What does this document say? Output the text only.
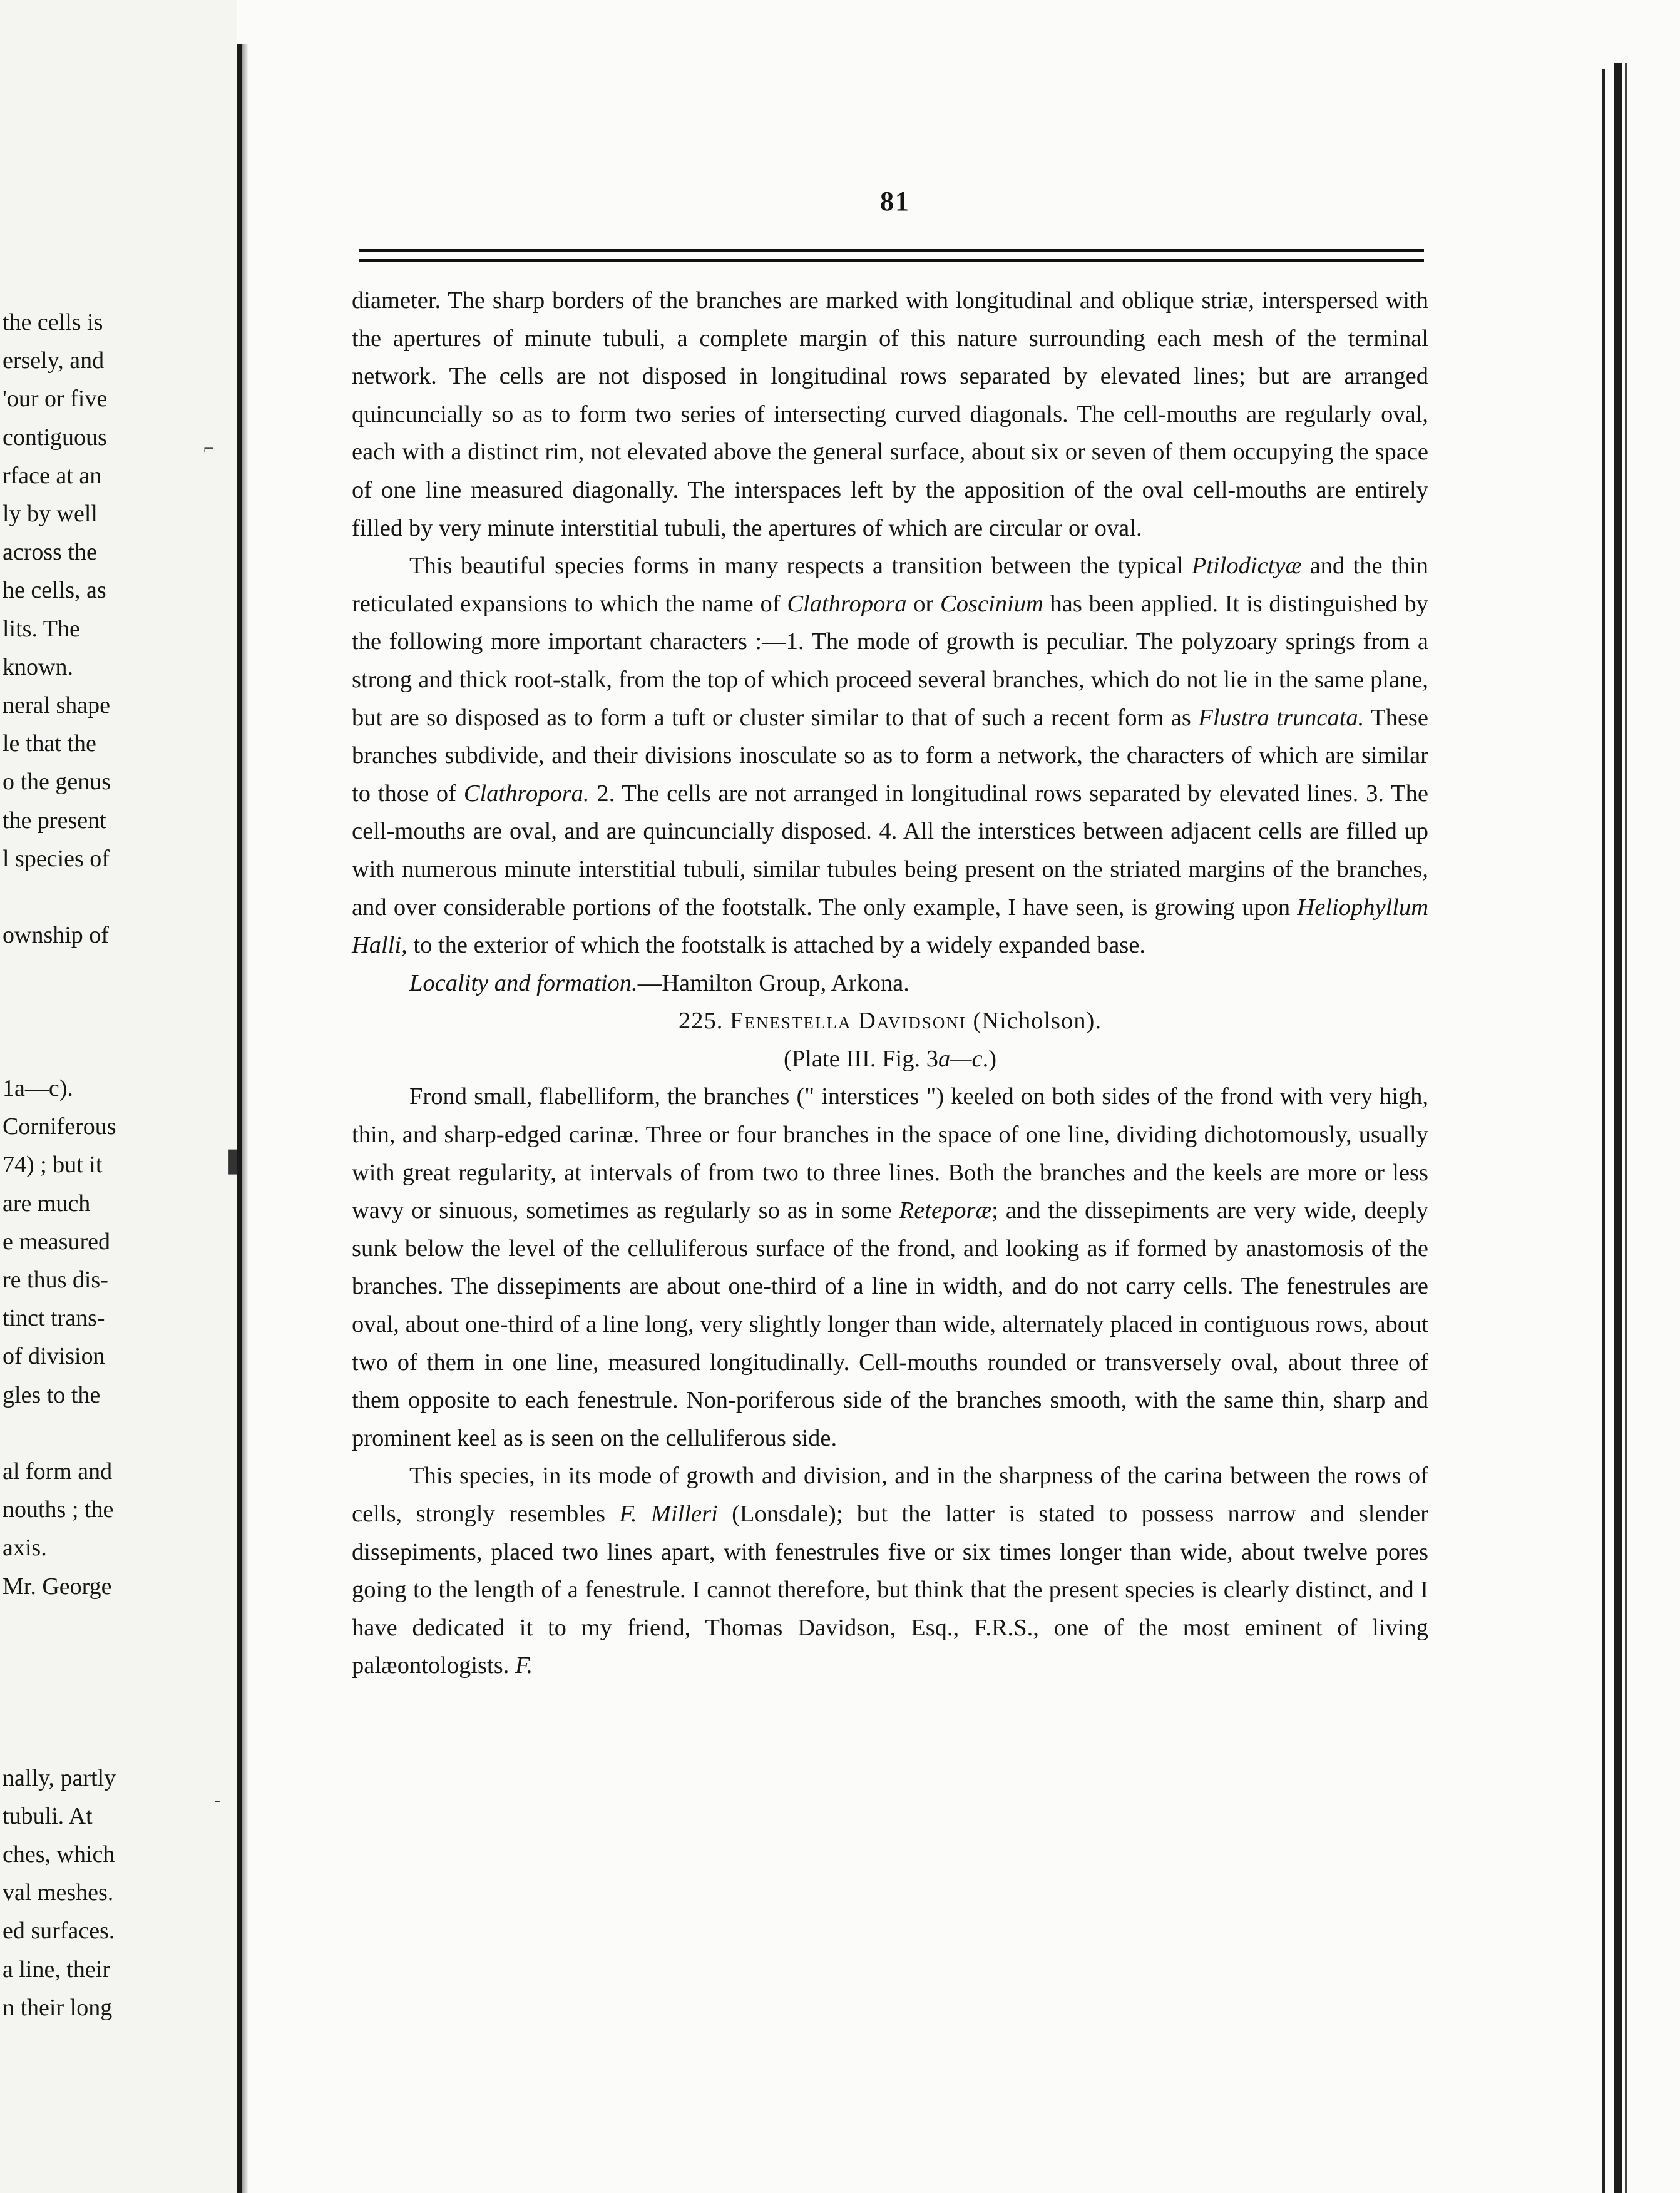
the cells is
ersely, and
'our or five
contiguous
rface at an
ly by well
across the
he cells, as
lits. The
known.
neral shape
le that the
o the genus
the present
l species of
ownship of
1a—c).
Corniferous
74) ; but it
are much
e measured
re thus dis-
tinct trans-
of division
gles to the
al form and
nouths ; the
axis.
Mr. George
nally, partly
tubuli. At
ches, which
val meshes.
ed surfaces.
a line, their
n their long
⌐
❚
‐
81

diameter. The sharp borders of the branches are marked with longitudinal and oblique striæ, interspersed with the apertures of minute tubuli, a complete margin of this nature surrounding each mesh of the terminal network. The cells are not disposed in longitudinal rows separated by elevated lines; but are arranged quincuncially so as to form two series of intersecting curved diagonals. The cell-mouths are regularly oval, each with a distinct rim, not elevated above the general surface, about six or seven of them occupying the space of one line measured diagonally. The interspaces left by the apposition of the oval cell-mouths are entirely filled by very minute interstitial tubuli, the apertures of which are circular or oval.

This beautiful species forms in many respects a transition between the typical Ptilodictyæ and the thin reticulated expansions to which the name of Clathropora or Coscinium has been applied. It is distinguished by the following more important characters :—1. The mode of growth is peculiar. The polyzoary springs from a strong and thick root-stalk, from the top of which proceed several branches, which do not lie in the same plane, but are so disposed as to form a tuft or cluster similar to that of such a recent form as Flustra truncata. These branches subdivide, and their divisions inosculate so as to form a network, the characters of which are similar to those of Clathropora. 2. The cells are not arranged in longitudinal rows separated by elevated lines. 3. The cell-mouths are oval, and are quincuncially disposed. 4. All the interstices between adjacent cells are filled up with numerous minute interstitial tubuli, similar tubules being present on the striated margins of the branches, and over considerable portions of the footstalk. The only example, I have seen, is growing upon Heliophyllum Halli, to the exterior of which the footstalk is attached by a widely expanded base.

Locality and formation.—Hamilton Group, Arkona.

225. Fenestella Davidsoni (Nicholson).

(Plate III. Fig. 3a—c.)

Frond small, flabelliform, the branches (" interstices ") keeled on both sides of the frond with very high, thin, and sharp-edged carinæ. Three or four branches in the space of one line, dividing dichotomously, usually with great regularity, at intervals of from two to three lines. Both the branches and the keels are more or less wavy or sinuous, sometimes as regularly so as in some Reteporæ; and the dissepiments are very wide, deeply sunk below the level of the celluliferous surface of the frond, and looking as if formed by anastomosis of the branches. The dissepiments are about one-third of a line in width, and do not carry cells. The fenestrules are oval, about one-third of a line long, very slightly longer than wide, alternately placed in contiguous rows, about two of them in one line, measured longitudinally. Cell-mouths rounded or transversely oval, about three of them opposite to each fenestrule. Non-poriferous side of the branches smooth, with the same thin, sharp and prominent keel as is seen on the celluliferous side.

This species, in its mode of growth and division, and in the sharpness of the carina between the rows of cells, strongly resembles F. Milleri (Lonsdale); but the latter is stated to possess narrow and slender dissepiments, placed two lines apart, with fenestrules five or six times longer than wide, about twelve pores going to the length of a fenestrule. I cannot therefore, but think that the present species is clearly distinct, and I have dedicated it to my friend, Thomas Davidson, Esq., F.R.S., one of the most eminent of living palæontologists. F.
